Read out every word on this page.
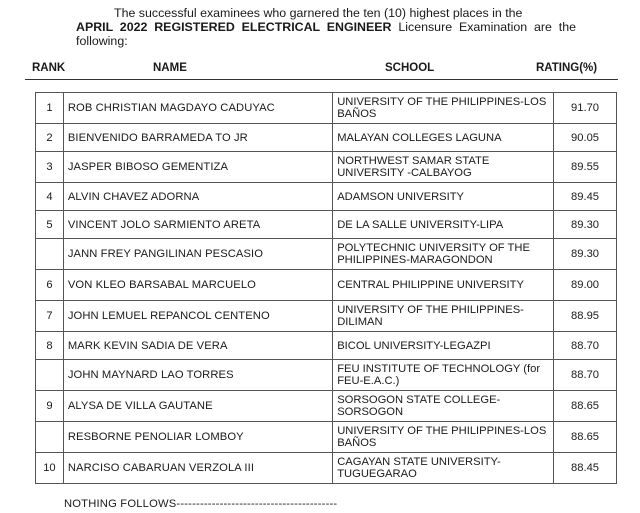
The successful examinees who garnered the ten (10) highest places in the
APRIL 2022 REGISTERED ELECTRICAL ENGINEER Licensure Examination are the
following:
RANK	NAME	SCHOOL	RATING(%)
1	ROB CHRISTIAN MAGDAYO CADUYAC	UNIVERSITY OF THE PHILIPPINES-LOS BAÑOS	91.70
2	BIENVENIDO BARRAMEDA TO JR	MALAYAN COLLEGES LAGUNA	90.05
3	JASPER BIBOSO GEMENTIZA	NORTHWEST SAMAR STATE UNIVERSITY -CALBAYOG	89.55
4	ALVIN CHAVEZ ADORNA	ADAMSON UNIVERSITY	89.45
5	VINCENT JOLO SARMIENTO ARETA	DE LA SALLE UNIVERSITY-LIPA	89.30
	JANN FREY PANGILINAN PESCASIO	POLYTECHNIC UNIVERSITY OF THE PHILIPPINES-MARAGONDON	89.30
6	VON KLEO BARSABAL MARCUELO	CENTRAL PHILIPPINE UNIVERSITY	89.00
7	JOHN LEMUEL REPANCOL CENTENO	UNIVERSITY OF THE PHILIPPINES-DILIMAN	88.95
8	MARK KEVIN SADIA DE VERA	BICOL UNIVERSITY-LEGAZPI	88.70
	JOHN MAYNARD LAO TORRES	FEU INSTITUTE OF TECHNOLOGY (for FEU-E.A.C.)	88.70
9	ALYSA DE VILLA GAUTANE	SORSOGON STATE COLLEGE-SORSOGON	88.65
	RESBORNE PENOLIAR LOMBOY	UNIVERSITY OF THE PHILIPPINES-LOS BAÑOS	88.65
10	NARCISO CABARUAN VERZOLA III	CAGAYAN STATE UNIVERSITY-TUGUEGARAO	88.45
NOTHING FOLLOWS-----------------------------------------
